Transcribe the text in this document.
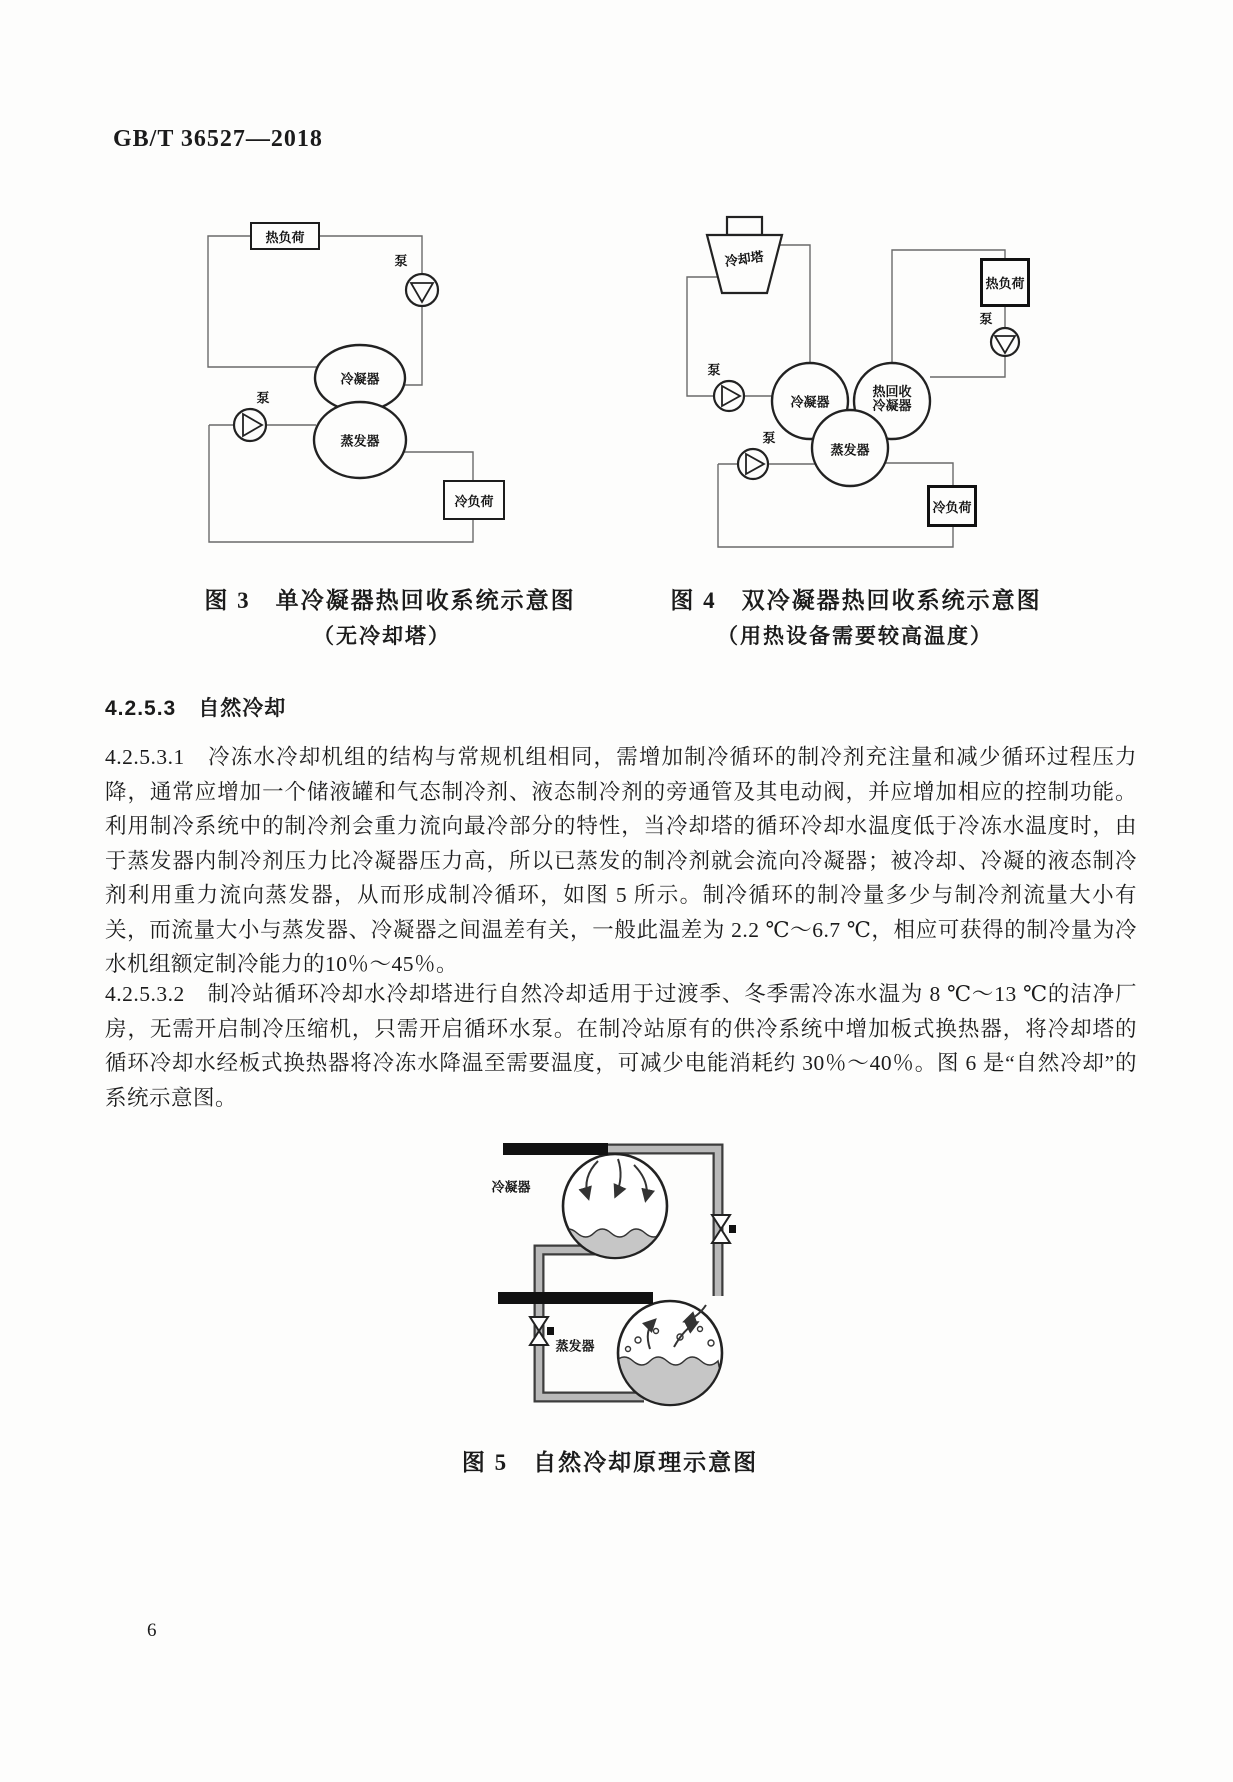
GB/T 36527—2018
热负荷
泵
泵
冷凝器
蒸发器
冷负荷
冷却塔
泵
泵
泵
冷凝器
热回收
冷凝器
蒸发器
热负荷
冷负荷
图 3　单冷凝器热回收系统示意图
（无冷却塔）
图 4　双冷凝器热回收系统示意图
（用热设备需要较高温度）
4.2.5.3　自然冷却
4.2.5.3.1　冷冻水冷却机组的结构与常规机组相同，需增加制冷循环的制冷剂充注量和减少循环过程压力降，通常应增加一个储液罐和气态制冷剂、液态制冷剂的旁通管及其电动阀，并应增加相应的控制功能。利用制冷系统中的制冷剂会重力流向最冷部分的特性，当冷却塔的循环冷却水温度低于冷冻水温度时，由于蒸发器内制冷剂压力比冷凝器压力高，所以已蒸发的制冷剂就会流向冷凝器；被冷却、冷凝的液态制冷剂利用重力流向蒸发器，从而形成制冷循环，如图 5 所示。制冷循环的制冷量多少与制冷剂流量大小有关，而流量大小与蒸发器、冷凝器之间温差有关，一般此温差为 2.2 ℃～6.7 ℃，相应可获得的制冷量为冷水机组额定制冷能力的10％～45％。
4.2.5.3.2　制冷站循环冷却水冷却塔进行自然冷却适用于过渡季、冬季需冷冻水温为 8 ℃～13 ℃的洁净厂房，无需开启制冷压缩机，只需开启循环水泵。在制冷站原有的供冷系统中增加板式换热器，将冷却塔的循环冷却水经板式换热器将冷冻水降温至需要温度，可减少电能消耗约 30％～40％。图 6 是“自然冷却”的系统示意图。
冷凝器
蒸发器
图 5　自然冷却原理示意图
6
